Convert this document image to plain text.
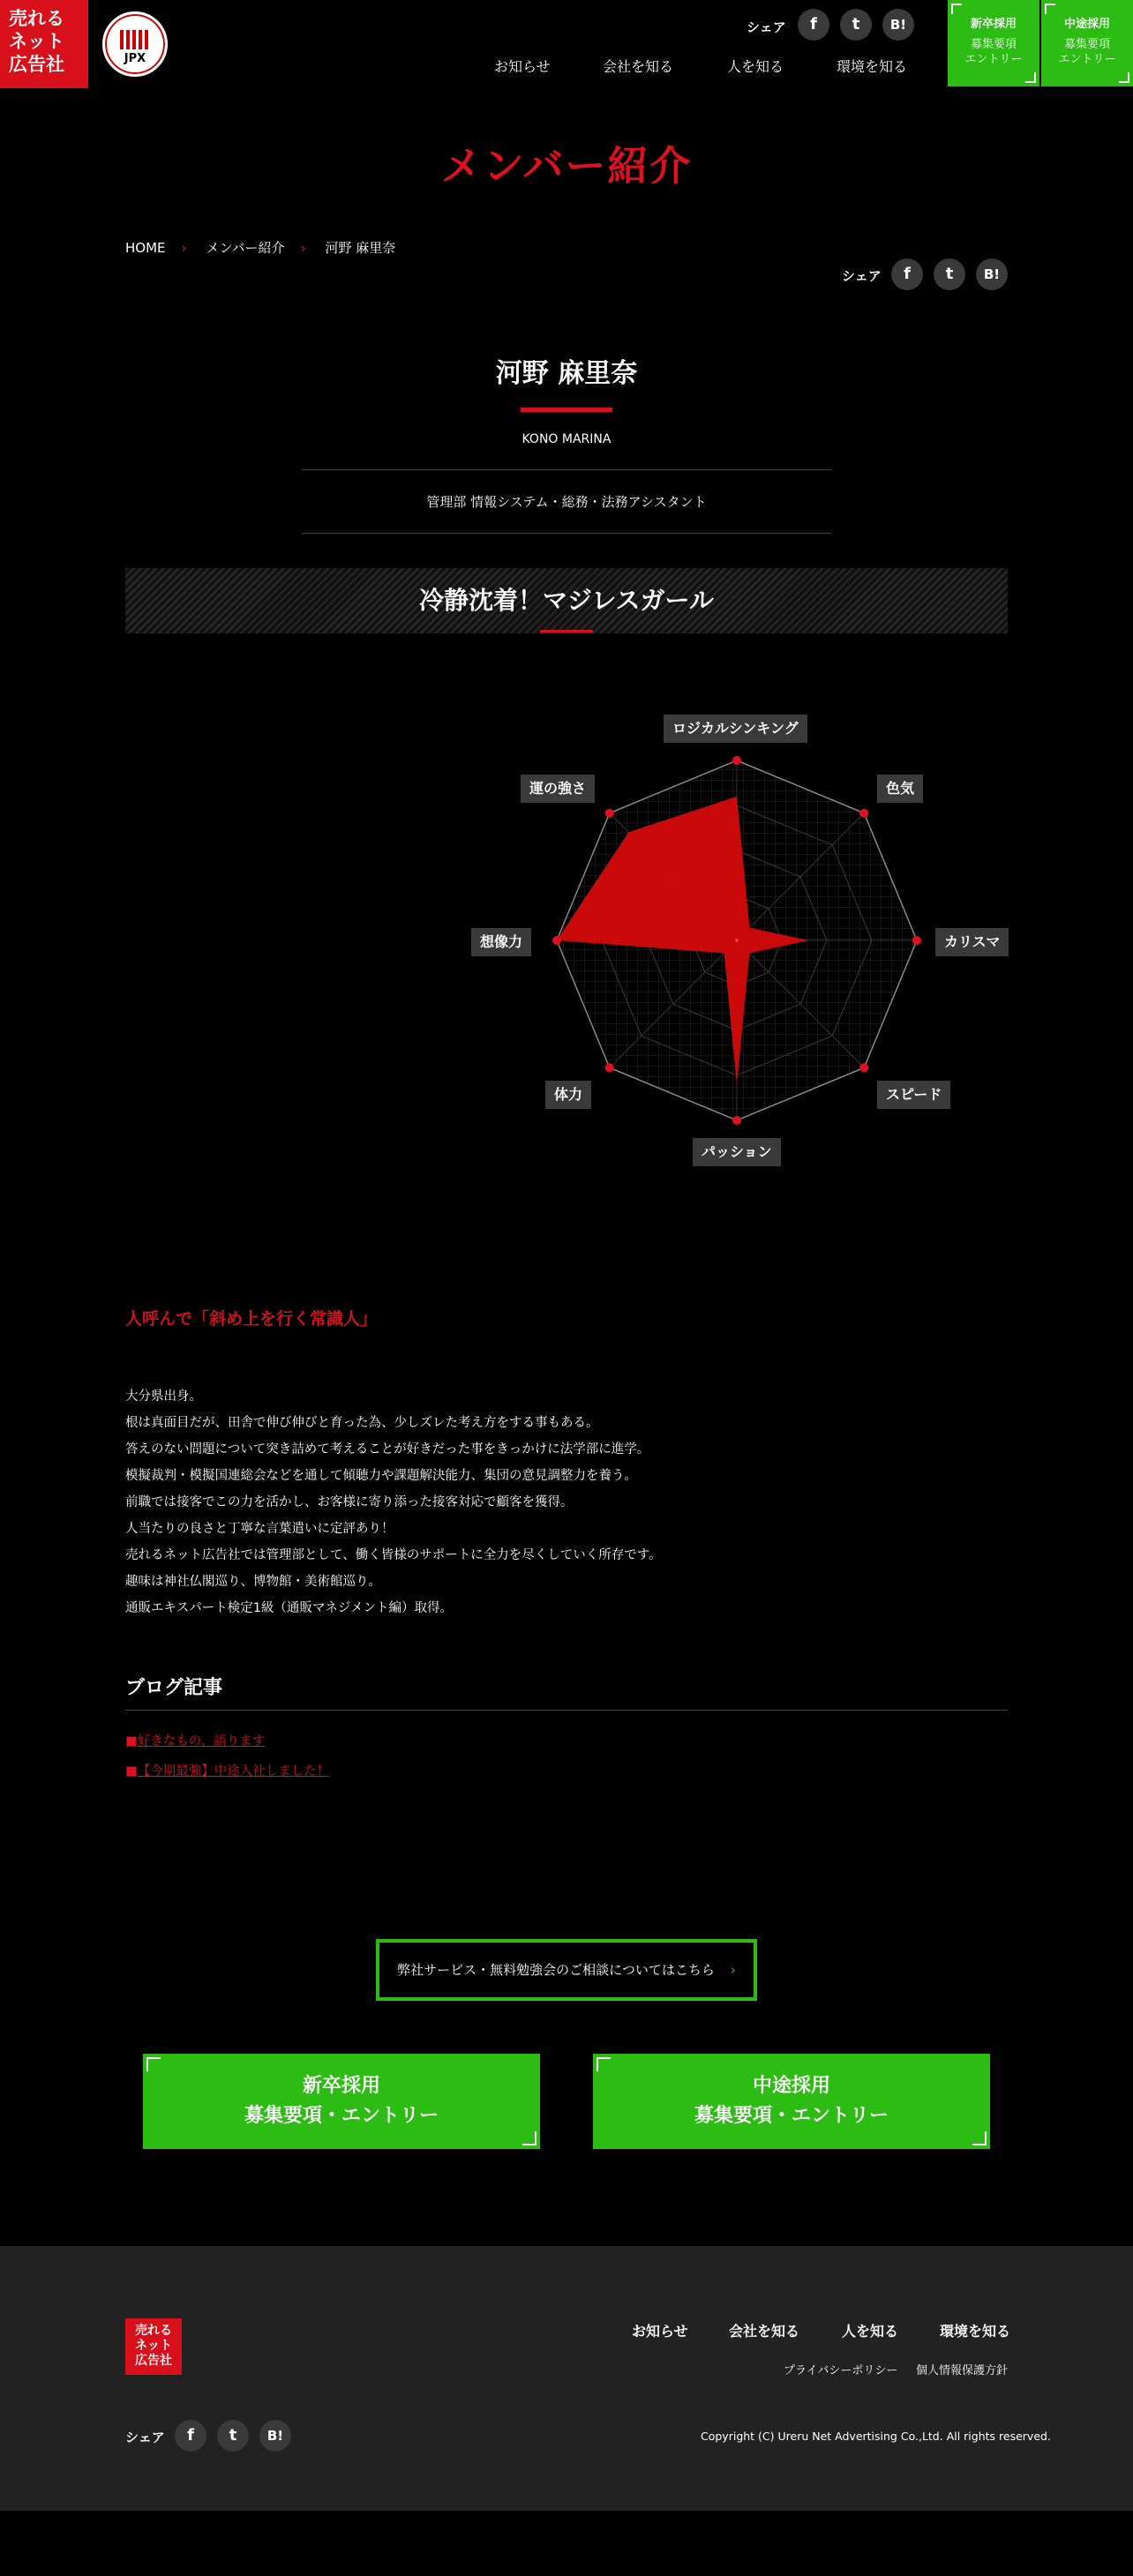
売れる
ネット
広告社	JPX
シェア	f	t	B!
お知らせ	会社を知る	人を知る	環境を知る
新卒採用
募集要項
エントリー
中途採用
募集要項
エントリー
メンバー紹介
HOME › メンバー紹介 › 河野 麻里奈
シェア	f	t	B!
河野 麻里奈
KONO MARINA
管理部 情報システム・総務・法務アシスタント
冷静沈着！マジレスガール
ロジカルシンキング
色気
カリスマ
スピード
パッション
体力
想像力
運の強さ
人呼んで「斜め上を行く常識人」
大分県出身。
根は真面目だが、田舎で伸び伸びと育った為、少しズレた考え方をする事もある。
答えのない問題について突き詰めて考えることが好きだった事をきっかけに法学部に進学。
模擬裁判・模擬国連総会などを通して傾聴力や課題解決能力、集団の意見調整力を養う。
前職では接客でこの力を活かし、お客様に寄り添った接客対応で顧客を獲得。
人当たりの良さと丁寧な言葉遣いに定評あり！
売れるネット広告社では管理部として、働く皆様のサポートに全力を尽くしていく所存です。
趣味は神社仏閣巡り、博物館・美術館巡り。
通販エキスパート検定1級（通販マネジメント編）取得。
ブログ記事
■好きなもの、語ります
■【今期最強】中途入社しました！
弊社サービス・無料勉強会のご相談についてはこちら ›
新卒採用
募集要項・エントリー
中途採用
募集要項・エントリー
売れる
ネット
広告社
お知らせ	会社を知る	人を知る	環境を知る
プライバシーポリシー 個人情報保護方針
シェア	f	t	B!	Copyright (C) Ureru Net Advertising Co.,Ltd. All rights reserved.
